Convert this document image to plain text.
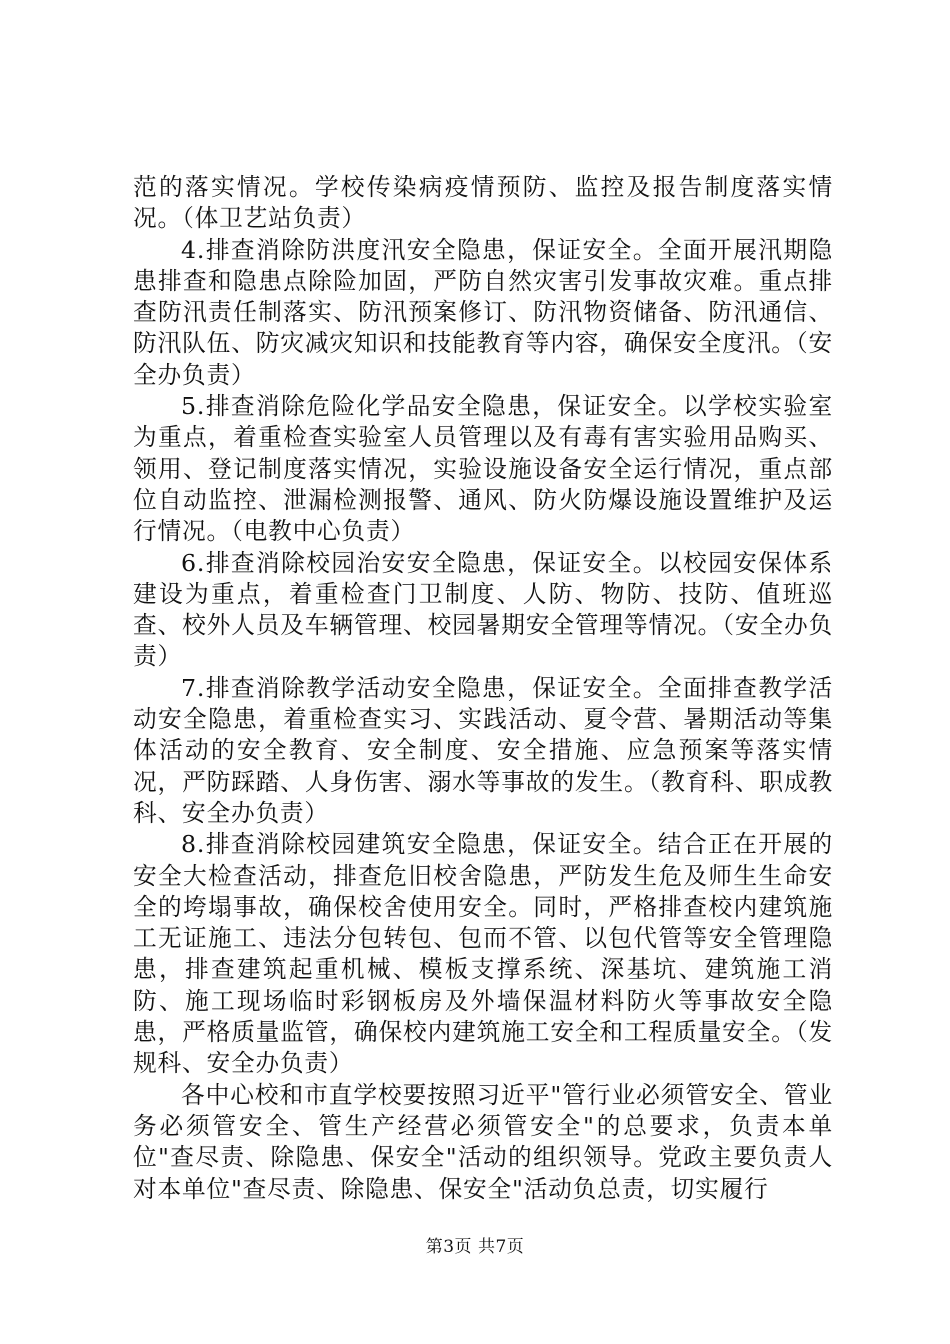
范的落实情况。学校传染病疫情预防、监控及报告制度落实情况。（体卫艺站负责）

4.排查消除防洪度汛安全隐患，保证安全。全面开展汛期隐患排查和隐患点除险加固，严防自然灾害引发事故灾难。重点排查防汛责任制落实、防汛预案修订、防汛物资储备、防汛通信、防汛队伍、防灾减灾知识和技能教育等内容，确保安全度汛。（安全办负责）

5.排查消除危险化学品安全隐患，保证安全。以学校实验室为重点，着重检查实验室人员管理以及有毒有害实验用品购买、领用、登记制度落实情况，实验设施设备安全运行情况，重点部位自动监控、泄漏检测报警、通风、防火防爆设施设置维护及运行情况。（电教中心负责）

6.排查消除校园治安安全隐患，保证安全。以校园安保体系建设为重点，着重检查门卫制度、人防、物防、技防、值班巡查、校外人员及车辆管理、校园暑期安全管理等情况。（安全办负责）

7.排查消除教学活动安全隐患，保证安全。全面排查教学活动安全隐患，着重检查实习、实践活动、夏令营、暑期活动等集体活动的安全教育、安全制度、安全措施、应急预案等落实情况，严防踩踏、人身伤害、溺水等事故的发生。（教育科、职成教科、安全办负责）

8.排查消除校园建筑安全隐患，保证安全。结合正在开展的安全大检查活动，排查危旧校舍隐患，严防发生危及师生生命安全的垮塌事故，确保校舍使用安全。同时，严格排查校内建筑施工无证施工、违法分包转包、包而不管、以包代管等安全管理隐患，排查建筑起重机械、模板支撑系统、深基坑、建筑施工消防、施工现场临时彩钢板房及外墙保温材料防火等事故安全隐患，严格质量监管，确保校内建筑施工安全和工程质量安全。（发规科、安全办负责）

各中心校和市直学校要按照习近平"管行业必须管安全、管业务必须管安全、管生产经营必须管安全"的总要求，负责本单位"查尽责、除隐患、保安全"活动的组织领导。党政主要负责人对本单位"查尽责、除隐患、保安全"活动负总责，切实履行

第3页 共7页
